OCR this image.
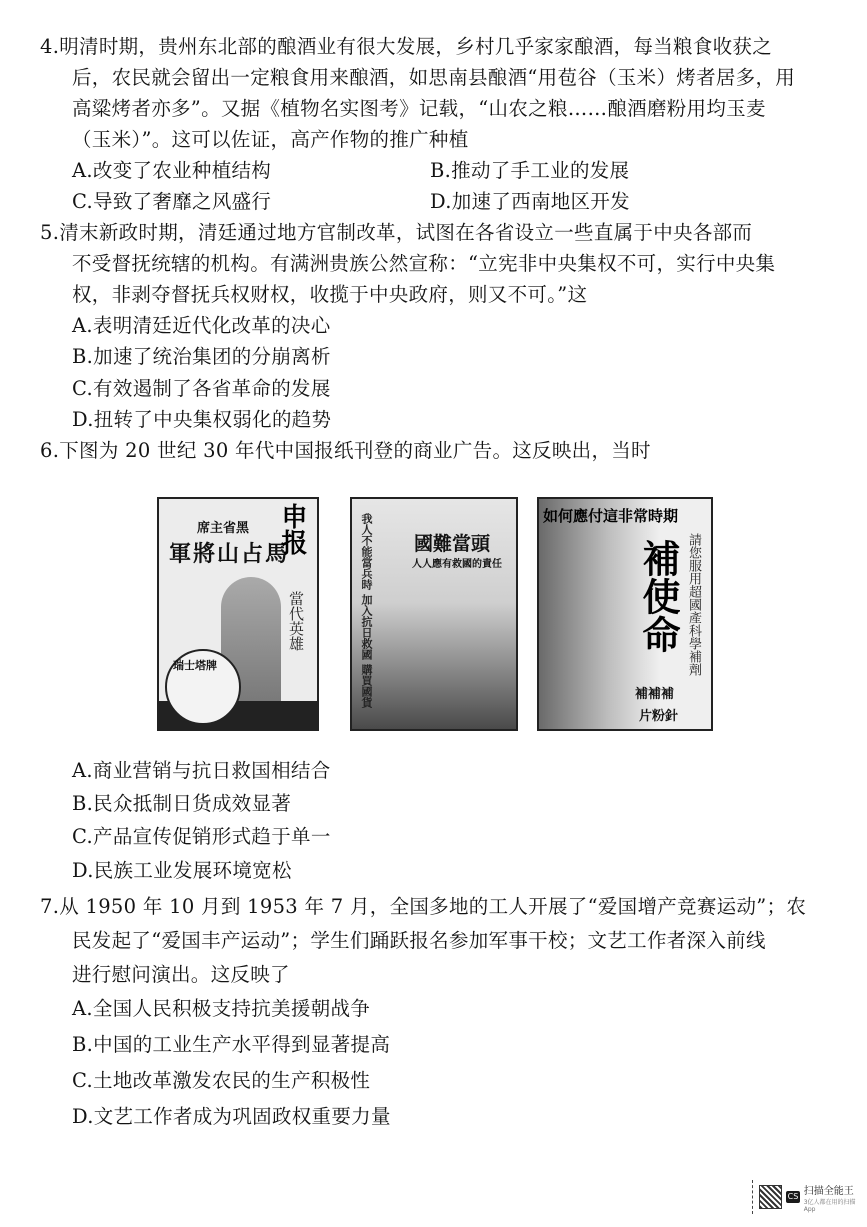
4.明清时期，贵州东北部的酿酒业有很大发展，乡村几乎家家酿酒，每当粮食收获之
后，农民就会留出一定粮食用来酿酒，如思南县酿酒“用苞谷（玉米）烤者居多，用
高粱烤者亦多”。又据《植物名实图考》记载，“山农之粮……酿酒磨粉用均玉麦
（玉米）”。这可以佐证，高产作物的推广种植
A.改变了农业种植结构	B.推动了手工业的发展
C.导致了奢靡之风盛行	D.加速了西南地区开发
5.清末新政时期，清廷通过地方官制改革，试图在各省设立一些直属于中央各部而
不受督抚统辖的机构。有满洲贵族公然宣称：“立宪非中央集权不可，实行中央集
权，非剥夺督抚兵权财权，收揽于中央政府，则又不可。”这
A.表明清廷近代化改革的决心
B.加速了统治集团的分崩离析
C.有效遏制了各省革命的发展
D.扭转了中央集权弱化的趋势
6.下图为 20 世纪 30 年代中国报纸刊登的商业广告。这反映出，当时
席主省黑
軍將山占馬
申报
當代英雄
瑞士塔牌
國難當頭
人人應有救國的責任
我人不能當兵時 加入抗日救國 購買國貨	如何應付這非常時期
補使命 請您服用超國產科學補劑
補補補
片粉針
A.商业营销与抗日救国相结合
B.民众抵制日货成效显著
C.产品宣传促销形式趋于单一
D.民族工业发展环境宽松
7.从 1950 年 10 月到 1953 年 7 月，全国多地的工人开展了“爱国增产竞赛运动”；农
民发起了“爱国丰产运动”；学生们踊跃报名参加军事干校；文艺工作者深入前线
进行慰问演出。这反映了
A.全国人民积极支持抗美援朝战争
B.中国的工业生产水平得到显著提高
C.土地改革激发农民的生产积极性
D.文艺工作者成为巩固政权重要力量
CS 扫描全能王
3亿人都在用的扫描App
